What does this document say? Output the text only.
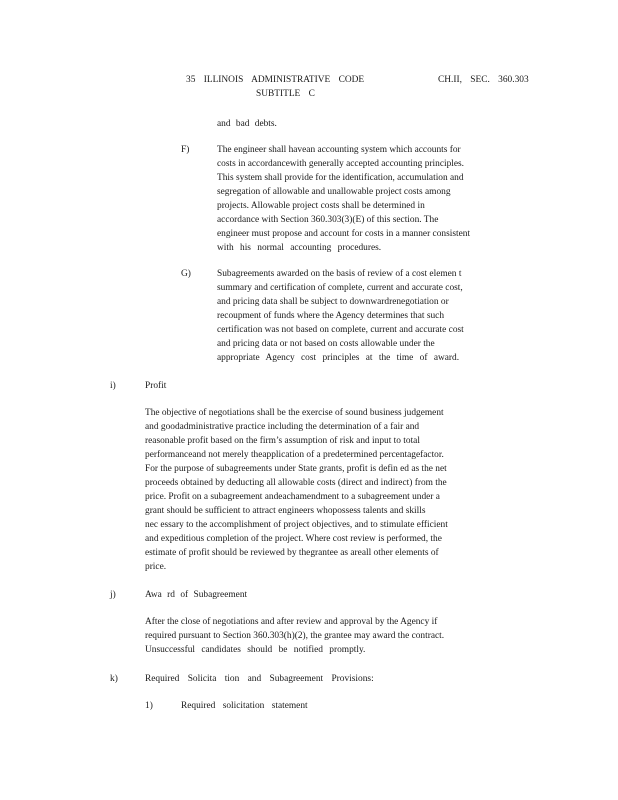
35 ILLINOIS ADMINISTRATIVE CODE	CH.II, SEC. 360.303
SUBTITLE C
and bad debts.
F)	The engineer shall havean accounting system which accounts for
costs in accordancewith generally accepted accounting principles.
This system shall provide for the identification, accumulation and
segregation of allowable and unallowable project costs among
projects. Allowable project costs shall be determined in
accordance with Section 360.303(3)(E) of this section. The
engineer must propose and account for costs in a manner consistent
with his normal accounting procedures.
G)	Subagreements awarded on the basis of review of a cost elemen t
summary and certification of complete, current and accurate cost,
and pricing data shall be subject to downwardrenegotiation or
recoupment of funds where the Agency determines that such
certification was not based on complete, current and accurate cost
and pricing data or not based on costs allowable under the
appropriate Agency cost principles at the time of award.
i)	Profit
The objective of negotiations shall be the exercise of sound business judgement
and goodadministrative practice including the determination of a fair and
reasonable profit based on the firm’s assumption of risk and input to total
performanceand not merely theapplication of a predetermined percentagefactor.
For the purpose of subagreements under State grants, profit is defin ed as the net
proceeds obtained by deducting all allowable costs (direct and indirect) from the
price. Profit on a subagreement andeachamendment to a subagreement under a
grant should be sufficient to attract engineers whopossess talents and skills
nec essary to the accomplishment of project objectives, and to stimulate efficient
and expeditious completion of the project. Where cost review is performed, the
estimate of profit should be reviewed by thegrantee as areall other elements of
price.
j)	Awa rd of Subagreement
After the close of negotiations and after review and approval by the Agency if
required pursuant to Section 360.303(h)(2), the grantee may award the contract.
Unsuccessful candidates should be notified promptly.
k)	Required Solicita tion and Subagreement Provisions:
1)	Required solicitation statement
